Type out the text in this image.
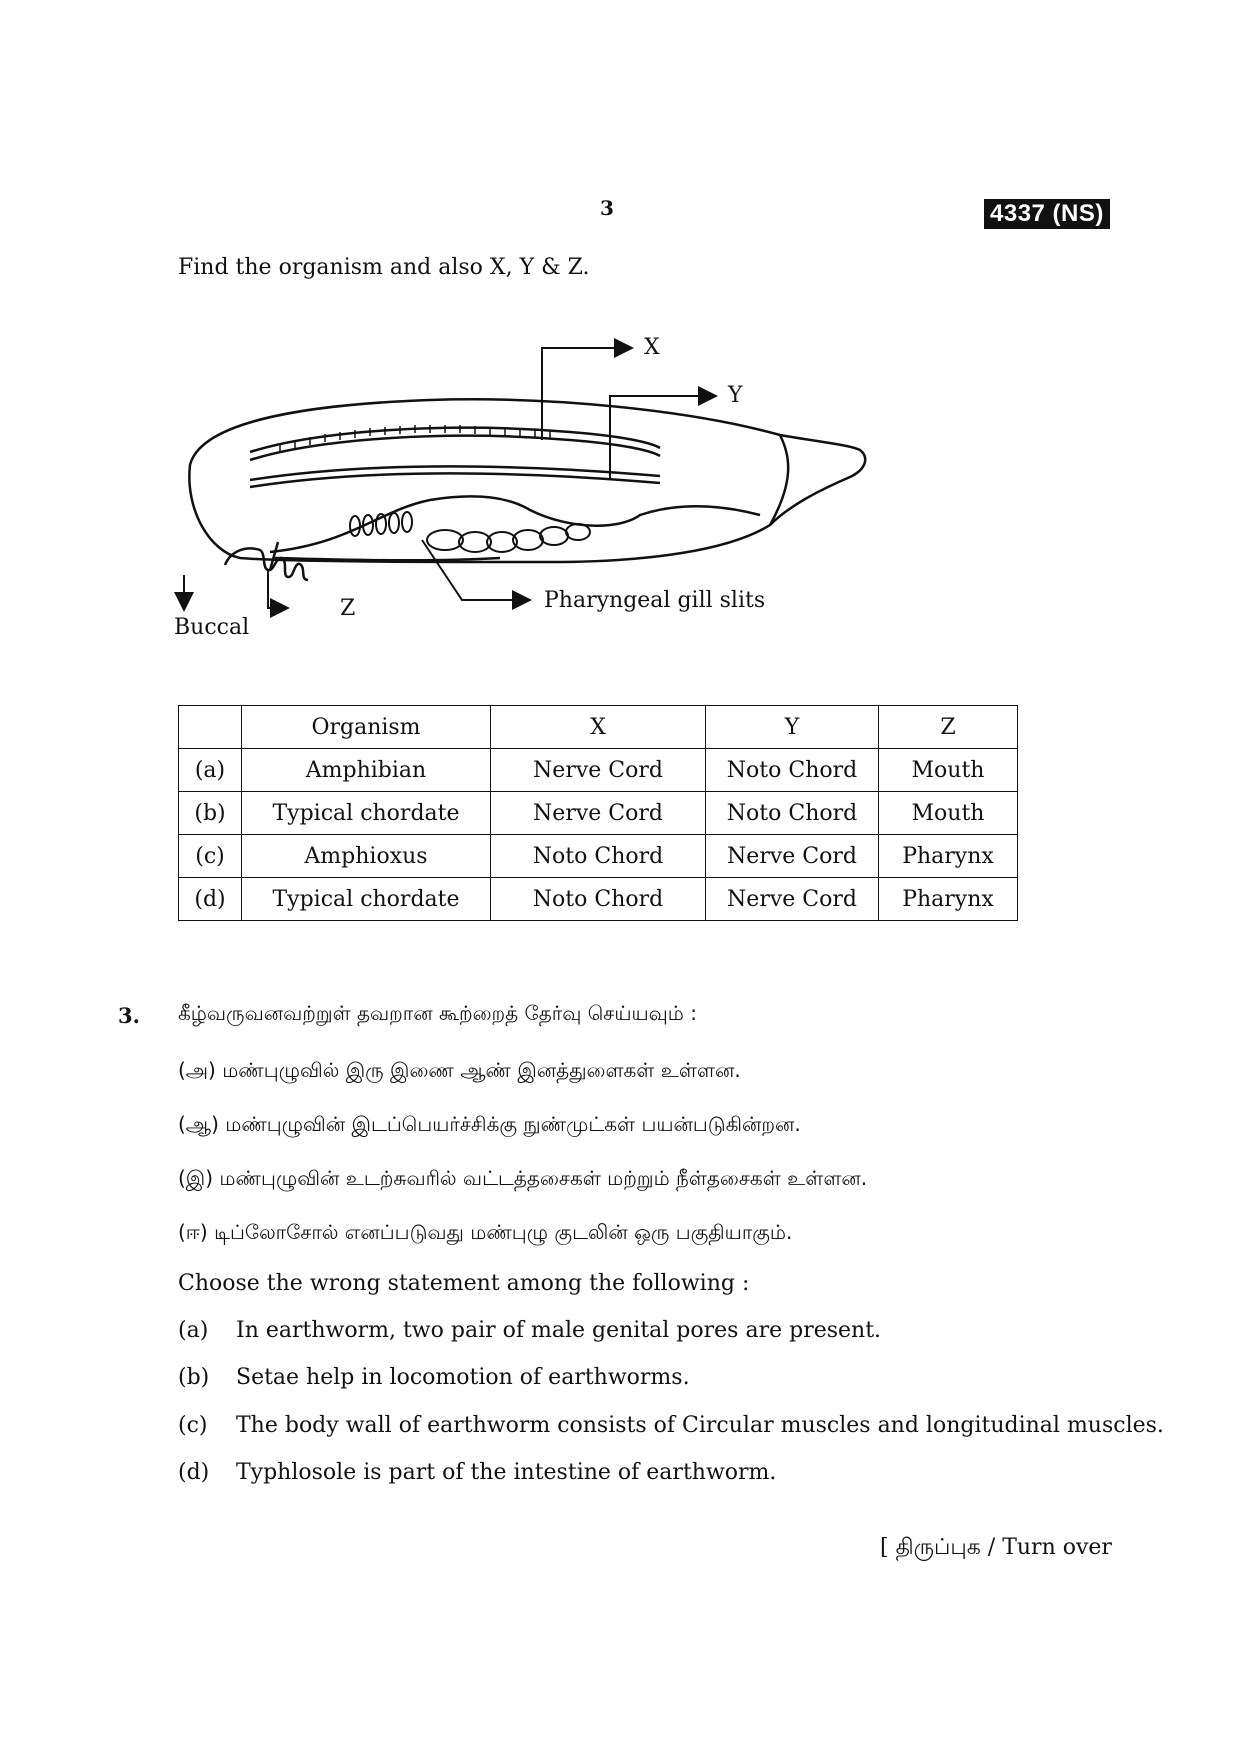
3	4337 (NS)
Find the organism and also X, Y & Z.
X
Y
Z
Buccal
Pharyngeal gill slits
	Organism	X	Y	Z
(a)	Amphibian	Nerve Cord	Noto Chord	Mouth
(b)	Typical chordate	Nerve Cord	Noto Chord	Mouth
(c)	Amphioxus	Noto Chord	Nerve Cord	Pharynx
(d)	Typical chordate	Noto Chord	Nerve Cord	Pharynx
3. கீழ்வருவனவற்றுள் தவறான கூற்றைத் தேர்வு செய்யவும் :
(அ) மண்புழுவில் இரு இணை ஆண் இனத்துளைகள் உள்ளன.
(ஆ) மண்புழுவின் இடப்பெயர்ச்சிக்கு நுண்முட்கள் பயன்படுகின்றன.
(இ) மண்புழுவின் உடற்சுவரில் வட்டத்தசைகள் மற்றும் நீள்தசைகள் உள்ளன.
(ஈ) டிப்லோசோல் எனப்படுவது மண்புழு குடலின் ஒரு பகுதியாகும்.
Choose the wrong statement among the following :
(a) In earthworm, two pair of male genital pores are present.
(b) Setae help in locomotion of earthworms.
(c) The body wall of earthworm consists of Circular muscles and longitudinal muscles.
(d) Typhlosole is part of the intestine of earthworm.
[ திருப்புக / Turn over
